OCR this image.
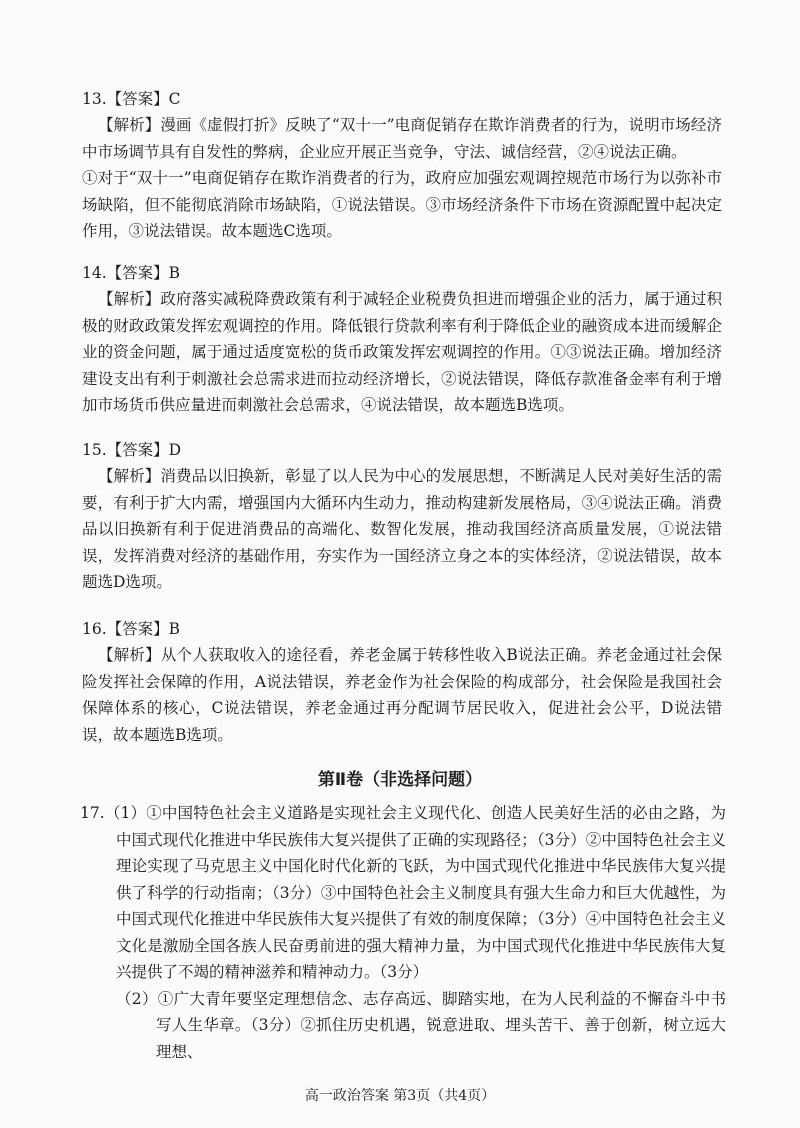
13.【答案】C

【解析】漫画《虚假打折》反映了“双十一”电商促销存在欺诈消费者的行为，说明市场经济中市场调节具有自发性的弊病，企业应开展正当竞争，守法、诚信经营，②④说法正确。

①对于“双十一”电商促销存在欺诈消费者的行为，政府应加强宏观调控规范市场行为以弥补市场缺陷，但不能彻底消除市场缺陷，①说法错误。③市场经济条件下市场在资源配置中起决定作用，③说法错误。故本题选C选项。

14.【答案】B

【解析】政府落实减税降费政策有利于减轻企业税费负担进而增强企业的活力，属于通过积极的财政政策发挥宏观调控的作用。降低银行贷款利率有利于降低企业的融资成本进而缓解企业的资金问题，属于通过适度宽松的货币政策发挥宏观调控的作用。①③说法正确。增加经济建设支出有利于刺激社会总需求进而拉动经济增长，②说法错误，降低存款准备金率有利于增加市场货币供应量进而刺激社会总需求，④说法错误，故本题选B选项。

15.【答案】D

【解析】消费品以旧换新，彰显了以人民为中心的发展思想，不断满足人民对美好生活的需要，有利于扩大内需，增强国内大循环内生动力，推动构建新发展格局，③④说法正确。消费品以旧换新有利于促进消费品的高端化、数智化发展，推动我国经济高质量发展，①说法错误，发挥消费对经济的基础作用，夯实作为一国经济立身之本的实体经济，②说法错误，故本题选D选项。

16.【答案】B

【解析】从个人获取收入的途径看，养老金属于转移性收入B说法正确。养老金通过社会保险发挥社会保障的作用，A说法错误，养老金作为社会保险的构成部分，社会保险是我国社会保障体系的核心，C说法错误，养老金通过再分配调节居民收入，促进社会公平，D说法错误，故本题选B选项。

第Ⅱ卷（非选择问题）

17.（1）①中国特色社会主义道路是实现社会主义现代化、创造人民美好生活的必由之路，为中国式现代化推进中华民族伟大复兴提供了正确的实现路径；（3分）②中国特色社会主义理论实现了马克思主义中国化时代化新的飞跃，为中国式现代化推进中华民族伟大复兴提供了科学的行动指南；（3分）③中国特色社会主义制度具有强大生命力和巨大优越性，为中国式现代化推进中华民族伟大复兴提供了有效的制度保障；（3分）④中国特色社会主义文化是激励全国各族人民奋勇前进的强大精神力量，为中国式现代化推进中华民族伟大复兴提供了不竭的精神滋养和精神动力。（3分）

（2）①广大青年要坚定理想信念、志存高远、脚踏实地，在为人民利益的不懈奋斗中书写人生华章。（3分）②抓住历史机遇，锐意进取、埋头苦干、善于创新，树立远大理想、

高一政治答案 第3页（共4页）
